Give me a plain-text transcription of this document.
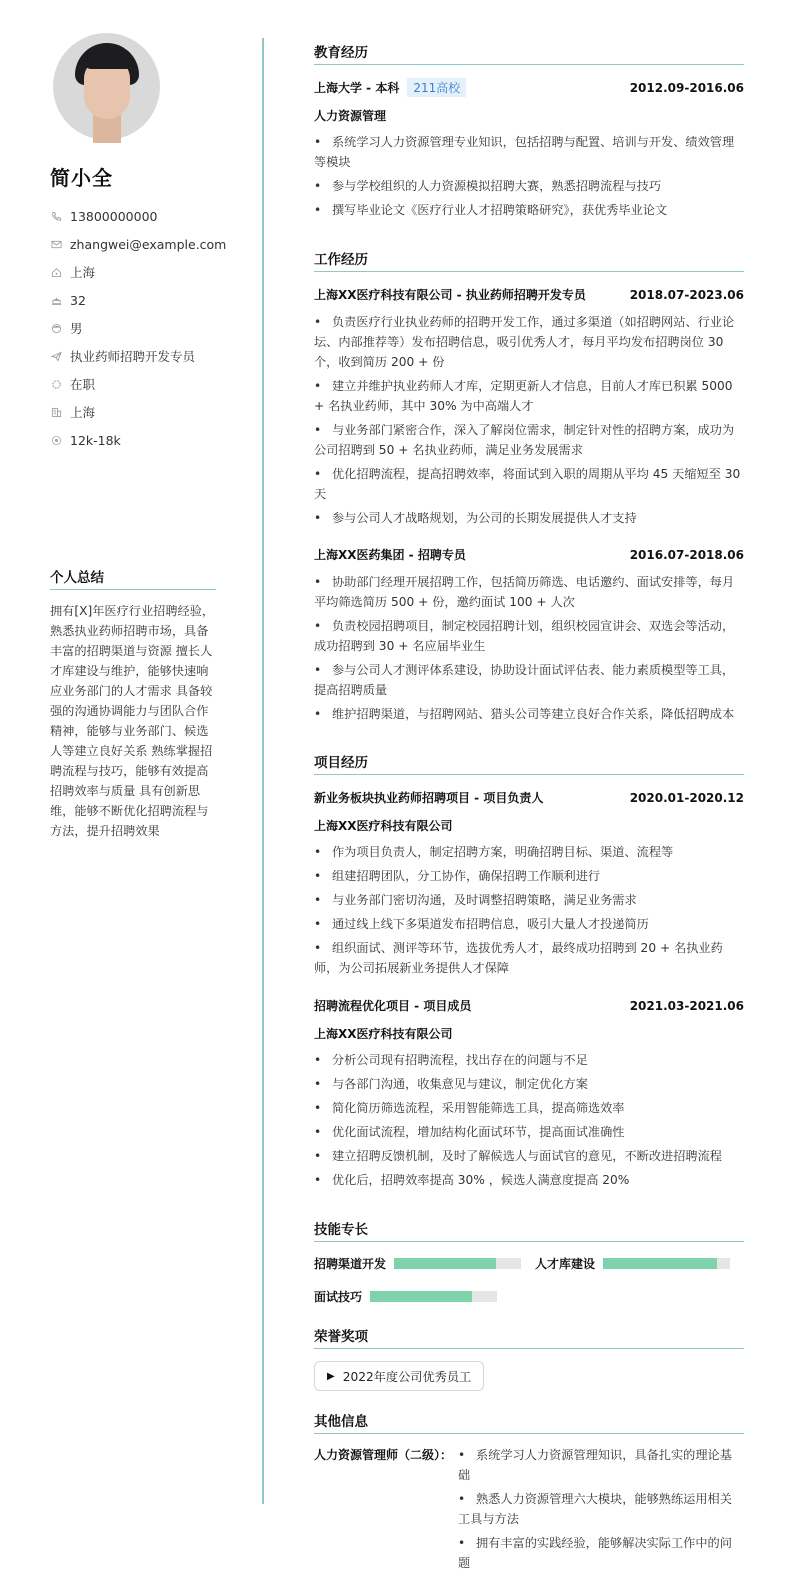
简小全
13800000000
zhangwei@example.com
上海
32
男
执业药师招聘开发专员
在职
上海
12k-18k
个人总结
拥有[X]年医疗行业招聘经验，熟悉执业药师招聘市场，具备丰富的招聘渠道与资源 擅长人才库建设与维护，能够快速响应业务部门的人才需求 具备较强的沟通协调能力与团队合作精神，能够与业务部门、候选人等建立良好关系 熟练掌握招聘流程与技巧，能够有效提高招聘效率与质量 具有创新思维，能够不断优化招聘流程与方法，提升招聘效果
教育经历
上海大学 - 本科 211高校	2012.09-2016.06
人力资源管理
• 系统学习人力资源管理专业知识，包括招聘与配置、培训与开发、绩效管理等模块
• 参与学校组织的人力资源模拟招聘大赛，熟悉招聘流程与技巧
• 撰写毕业论文《医疗行业人才招聘策略研究》，获优秀毕业论文
工作经历
上海XX医疗科技有限公司 - 执业药师招聘开发专员	2018.07-2023.06
• 负责医疗行业执业药师的招聘开发工作，通过多渠道（如招聘网站、行业论坛、内部推荐等）发布招聘信息，吸引优秀人才，每月平均发布招聘岗位 30 个，收到简历 200 + 份
• 建立并维护执业药师人才库，定期更新人才信息，目前人才库已积累 5000 + 名执业药师，其中 30% 为中高端人才
• 与业务部门紧密合作，深入了解岗位需求，制定针对性的招聘方案，成功为公司招聘到 50 + 名执业药师，满足业务发展需求
• 优化招聘流程，提高招聘效率，将面试到入职的周期从平均 45 天缩短至 30 天
• 参与公司人才战略规划，为公司的长期发展提供人才支持
上海XX医药集团 - 招聘专员	2016.07-2018.06
• 协助部门经理开展招聘工作，包括简历筛选、电话邀约、面试安排等，每月平均筛选简历 500 + 份，邀约面试 100 + 人次
• 负责校园招聘项目，制定校园招聘计划，组织校园宣讲会、双选会等活动，成功招聘到 30 + 名应届毕业生
• 参与公司人才测评体系建设，协助设计面试评估表、能力素质模型等工具，提高招聘质量
• 维护招聘渠道，与招聘网站、猎头公司等建立良好合作关系，降低招聘成本
项目经历
新业务板块执业药师招聘项目 - 项目负责人	2020.01-2020.12
上海XX医疗科技有限公司
• 作为项目负责人，制定招聘方案，明确招聘目标、渠道、流程等
• 组建招聘团队，分工协作，确保招聘工作顺利进行
• 与业务部门密切沟通，及时调整招聘策略，满足业务需求
• 通过线上线下多渠道发布招聘信息，吸引大量人才投递简历
• 组织面试、测评等环节，选拔优秀人才，最终成功招聘到 20 + 名执业药师，为公司拓展新业务提供人才保障
招聘流程优化项目 - 项目成员	2021.03-2021.06
上海XX医疗科技有限公司
• 分析公司现有招聘流程，找出存在的问题与不足
• 与各部门沟通，收集意见与建议，制定优化方案
• 简化简历筛选流程，采用智能筛选工具，提高筛选效率
• 优化面试流程，增加结构化面试环节，提高面试准确性
• 建立招聘反馈机制，及时了解候选人与面试官的意见，不断改进招聘流程
• 优化后，招聘效率提高 30% ，候选人满意度提高 20%
技能专长
招聘渠道开发	人才库建设
面试技巧
荣誉奖项
▶ 2022年度公司优秀员工
其他信息
人力资源管理师（二级）： • 系统学习人力资源管理知识，具备扎实的理论基础
• 熟悉人力资源管理六大模块，能够熟练运用相关工具与方法
• 拥有丰富的实践经验，能够解决实际工作中的问题
